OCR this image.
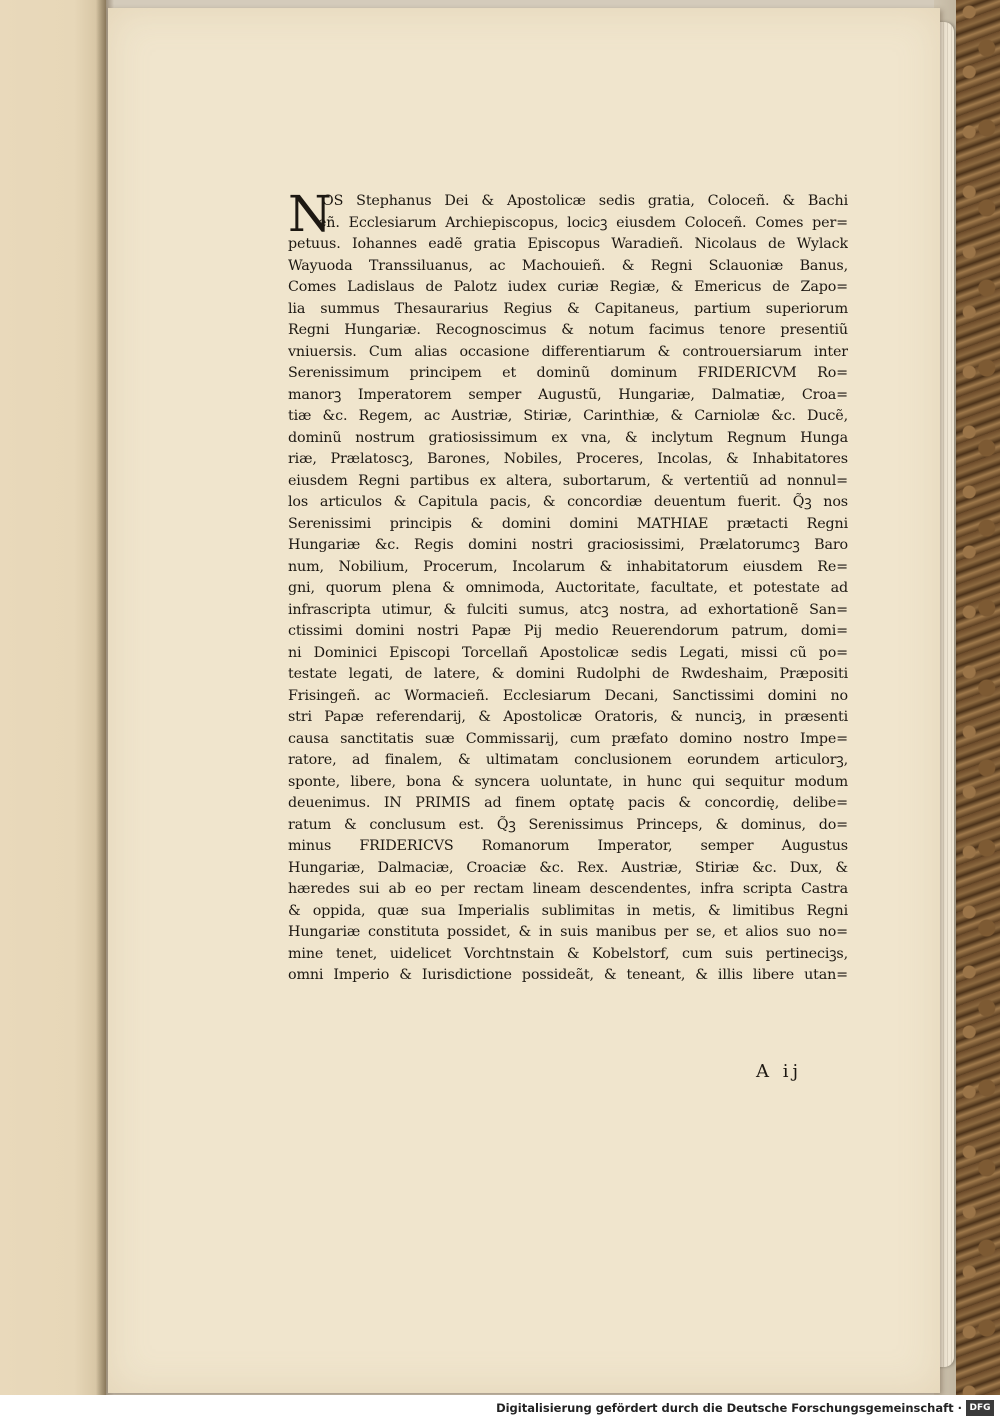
N
OS Stephanus Dei & Apostolicæ sedis gratia, Coloceñ. & Bachi
eñ. Ecclesiarum Archiepiscopus, locicꝫ eiusdem Coloceñ. Comes per=
petuus. Iohannes eadẽ gratia Episcopus Waradieñ. Nicolaus de Wylack
Wayuoda Transsiluanus, ac Machouieñ. & Regni Sclauoniæ Banus,
Comes Ladislaus de Palotz iudex curiæ Regiæ, & Emericus de Zapo=
lia summus Thesaurarius Regius & Capitaneus, partium superiorum
Regni Hungariæ. Recognoscimus & notum facimus tenore presentiũ
vniuersis. Cum alias occasione differentiarum & controuersiarum inter
Serenissimum principem et dominũ dominum FRIDERICVM Ro=
manorꝫ Imperatorem semper Augustũ, Hungariæ, Dalmatiæ, Croa=
tiæ &c. Regem, ac Austriæ, Stiriæ, Carinthiæ, & Carniolæ &c. Ducẽ,
dominũ nostrum gratiosissimum ex vna, & inclytum Regnum Hunga
riæ, Prælatoscꝫ, Barones, Nobiles, Proceres, Incolas, & Inhabitatores
eiusdem Regni partibus ex altera, subortarum, & vertentiũ ad nonnul=
los articulos & Capitula pacis, & concordiæ deuentum fuerit. Q̃ꝫ nos
Serenissimi principis & domini domini MATHIAE prætacti Regni
Hungariæ &c. Regis domini nostri graciosissimi, Prælatorumcꝫ Baro
num, Nobilium, Procerum, Incolarum & inhabitatorum eiusdem Re=
gni, quorum plena & omnimoda, Auctoritate, facultate, et potestate ad
infrascripta utimur, & fulciti sumus, atcꝫ nostra, ad exhortationẽ San=
ctissimi domini nostri Papæ Pij medio Reuerendorum patrum, domi=
ni Dominici Episcopi Torcellañ Apostolicæ sedis Legati, missi cũ po=
testate legati, de latere, & domini Rudolphi de Rwdeshaim, Præpositi
Frisingeñ. ac Wormacieñ. Ecclesiarum Decani, Sanctissimi domini no
stri Papæ referendarij, & Apostolicæ Oratoris, & nunciꝫ, in præsenti
causa sanctitatis suæ Commissarij, cum præfato domino nostro Impe=
ratore, ad finalem, & ultimatam conclusionem eorundem articulorꝫ,
sponte, libere, bona & syncera uoluntate, in hunc qui sequitur modum
deuenimus. IN PRIMIS ad finem optatę pacis & concordię, delibe=
ratum & conclusum est. Q̃ꝫ Serenissimus Princeps, & dominus, do=
minus FRIDERICVS Romanorum Imperator, semper Augustus
Hungariæ, Dalmaciæ, Croaciæ &c. Rex. Austriæ, Stiriæ &c. Dux, &
hæredes sui ab eo per rectam lineam descendentes, infra scripta Castra
& oppida, quæ sua Imperialis sublimitas in metis, & limitibus Regni
Hungariæ constituta possidet, & in suis manibus per se, et alios suo no=
mine tenet, uidelicet Vorchtnstain & Kobelstorf, cum suis pertineciꝫs,
omni Imperio & Iurisdictione possideãt, & teneant, & illis libere utan=
A ij
Digitalisierung gefördert durch die Deutsche Forschungsgemeinschaft · DFG
